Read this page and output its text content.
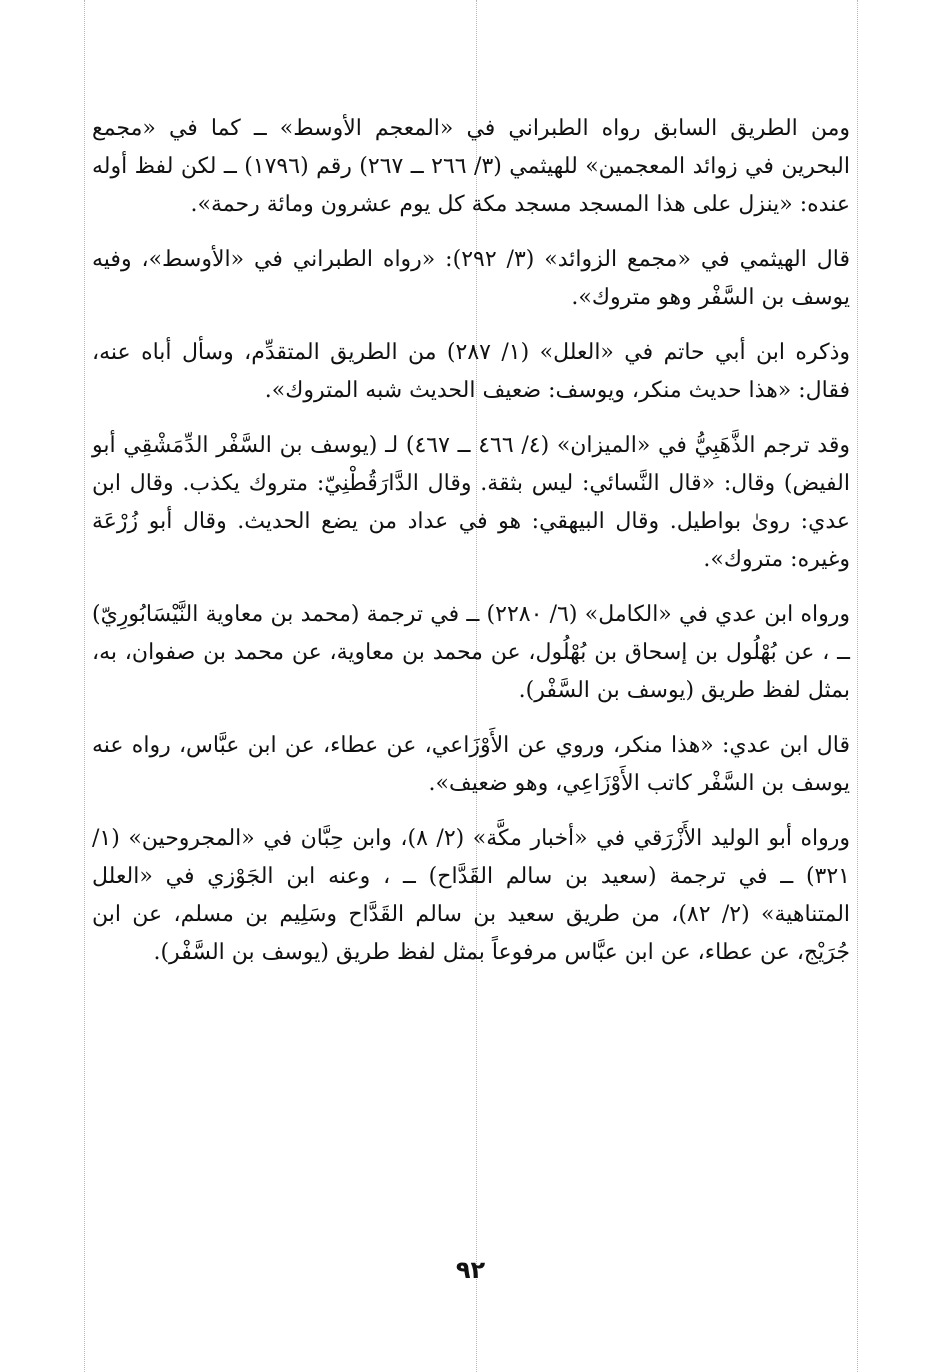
ومن الطريق السابق رواه الطبراني في «المعجم الأوسط» ــ كما في «مجمع البحرين في زوائد المعجمين» للهيثمي (٣/ ٢٦٦ ــ ٢٦٧) رقم (١٧٩٦) ــ لكن لفظ أوله عنده: «ينزل على هذا المسجد مسجد مكة كل يوم عشرون ومائة رحمة».

قال الهيثمي في «مجمع الزوائد» (٣/ ٢٩٢): «رواه الطبراني في «الأوسط»، وفيه يوسف بن السَّفْر وهو متروك».

وذكره ابن أبي حاتم في «العلل» (١/ ٢٨٧) من الطريق المتقدِّم، وسأل أباه عنه، فقال: «هذا حديث منكر، ويوسف: ضعيف الحديث شبه المتروك».

وقد ترجم الذَّهَبِيُّ في «الميزان» (٤/ ٤٦٦ ــ ٤٦٧) لـ (يوسف بن السَّفْر الدِّمَشْقِي أبو الفيض) وقال: «قال النَّسائي: ليس بثقة. وقال الدَّارَقُطْنِيّ: متروك يكذب. وقال ابن عدي: روىٰ بواطيل. وقال البيهقي: هو في عداد من يضع الحديث. وقال أبو زُرْعَة وغيره: متروك».

ورواه ابن عدي في «الكامل» (٦/ ٢٢٨٠) ــ في ترجمة (محمد بن معاوية النَّيْسَابُورِيّ) ــ ، عن بُهْلُول بن إسحاق بن بُهْلُول، عن محمد بن معاوية، عن محمد بن صفوان، به، بمثل لفظ طريق (يوسف بن السَّفْر).

قال ابن عدي: «هذا منكر، وروي عن الأَوْزَاعي، عن عطاء، عن ابن عبَّاس، رواه عنه يوسف بن السَّفْر كاتب الأَوْزَاعِي، وهو ضعيف».

ورواه أبو الوليد الأَزْرَقي في «أخبار مكَّة» (٢/ ٨)، وابن حِبَّان في «المجروحين» (١/ ٣٢١) ــ في ترجمة (سعيد بن سالم القَدَّاح) ــ ، وعنه ابن الجَوْزي في «العلل المتناهية» (٢/ ٨٢)، من طريق سعيد بن سالم القَدَّاح وسَلِيم بن مسلم، عن ابن جُرَيْج، عن عطاء، عن ابن عبَّاس مرفوعاً بمثل لفظ طريق (يوسف بن السَّفْر).

٩٢
